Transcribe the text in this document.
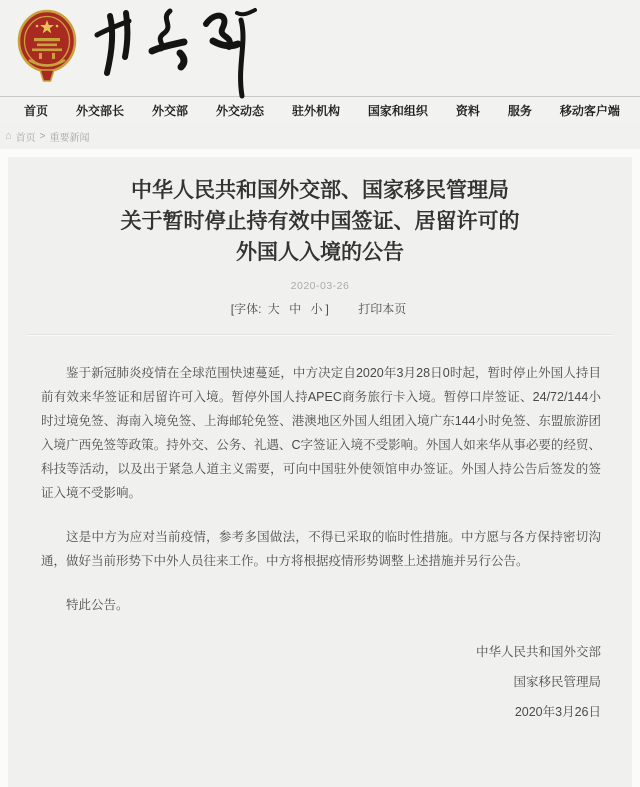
首页 外交部长 外交部 外交动态 驻外机构 国家和组织 资料 服务 移动客户端
⌂ 首页 > 重要新闻
中华人民共和国外交部、国家移民管理局
关于暂时停止持有效中国签证、居留许可的
外国人入境的公告
2020-03-26
[字体: 大 中 小 ] 打印本页

鉴于新冠肺炎疫情在全球范围快速蔓延，中方决定自2020年3月28日0时起，暂时停止外国人持目前有效来华签证和居留许可入境。暂停外国人持APEC商务旅行卡入境。暂停口岸签证、24/72/144小时过境免签、海南入境免签、上海邮轮免签、港澳地区外国人组团入境广东144小时免签、东盟旅游团入境广西免签等政策。持外交、公务、礼遇、C字签证入境不受影响。外国人如来华从事必要的经贸、科技等活动，以及出于紧急人道主义需要，可向中国驻外使领馆申办签证。外国人持公告后签发的签证入境不受影响。

这是中方为应对当前疫情，参考多国做法，不得已采取的临时性措施。中方愿与各方保持密切沟通，做好当前形势下中外人员往来工作。中方将根据疫情形势调整上述措施并另行公告。

特此公告。

中华人民共和国外交部
国家移民管理局
2020年3月26日
